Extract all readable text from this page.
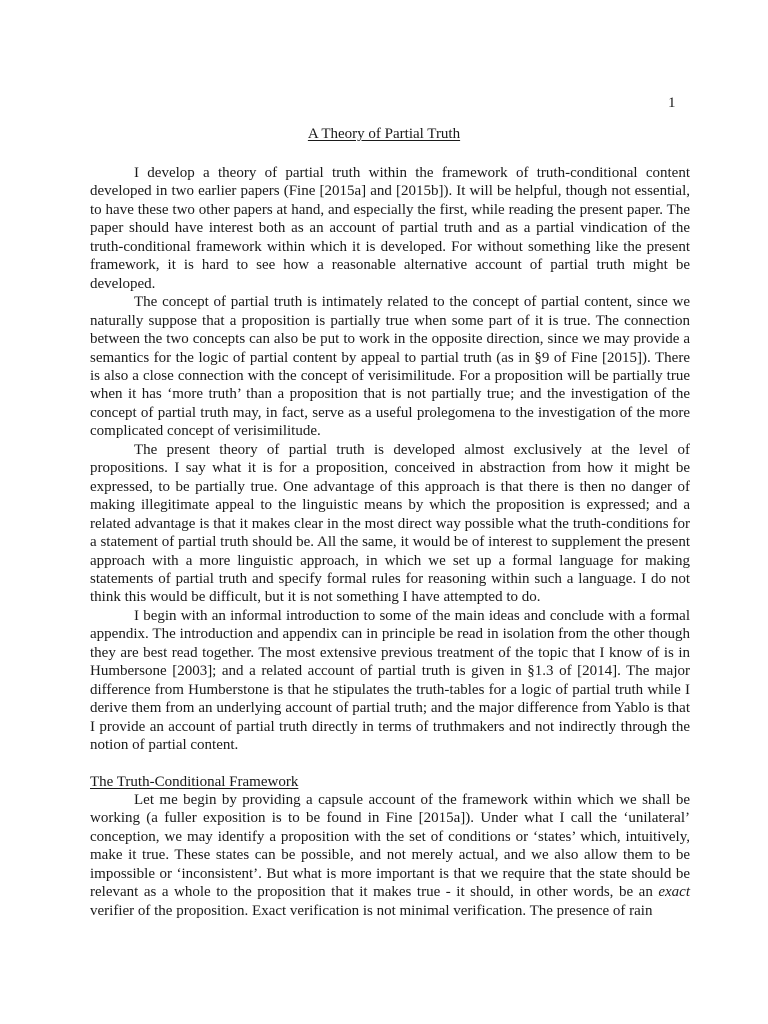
1
A Theory of Partial Truth

I develop a theory of partial truth within the framework of truth-conditional content developed in two earlier papers (Fine [2015a] and [2015b]). It will be helpful, though not essential, to have these two other papers at hand, and especially the first, while reading the present paper. The paper should have interest both as an account of partial truth and as a partial vindication of the truth-conditional framework within which it is developed. For without something like the present framework, it is hard to see how a reasonable alternative account of partial truth might be developed.

The concept of partial truth is intimately related to the concept of partial content, since we naturally suppose that a proposition is partially true when some part of it is true. The connection between the two concepts can also be put to work in the opposite direction, since we may provide a semantics for the logic of partial content by appeal to partial truth (as in §9 of Fine [2015]). There is also a close connection with the concept of verisimilitude. For a proposition will be partially true when it has ‘more truth’ than a proposition that is not partially true; and the investigation of the concept of partial truth may, in fact, serve as a useful prolegomena to the investigation of the more complicated concept of verisimilitude.

The present theory of partial truth is developed almost exclusively at the level of propositions. I say what it is for a proposition, conceived in abstraction from how it might be expressed, to be partially true. One advantage of this approach is that there is then no danger of making illegitimate appeal to the linguistic means by which the proposition is expressed; and a related advantage is that it makes clear in the most direct way possible what the truth-conditions for a statement of partial truth should be. All the same, it would be of interest to supplement the present approach with a more linguistic approach, in which we set up a formal language for making statements of partial truth and specify formal rules for reasoning within such a language. I do not think this would be difficult, but it is not something I have attempted to do.

I begin with an informal introduction to some of the main ideas and conclude with a formal appendix. The introduction and appendix can in principle be read in isolation from the other though they are best read together. The most extensive previous treatment of the topic that I know of is in Humbersone [2003]; and a related account of partial truth is given in §1.3 of [2014]. The major difference from Humberstone is that he stipulates the truth-tables for a logic of partial truth while I derive them from an underlying account of partial truth; and the major difference from Yablo is that I provide an account of partial truth directly in terms of truthmakers and not indirectly through the notion of partial content.

The Truth-Conditional Framework

Let me begin by providing a capsule account of the framework within which we shall be working (a fuller exposition is to be found in Fine [2015a]). Under what I call the ‘unilateral’ conception, we may identify a proposition with the set of conditions or ‘states’ which, intuitively, make it true. These states can be possible, and not merely actual, and we also allow them to be impossible or ‘inconsistent’. But what is more important is that we require that the state should be relevant as a whole to the proposition that it makes true - it should, in other words, be an exact verifier of the proposition. Exact verification is not minimal verification. The presence of rain
